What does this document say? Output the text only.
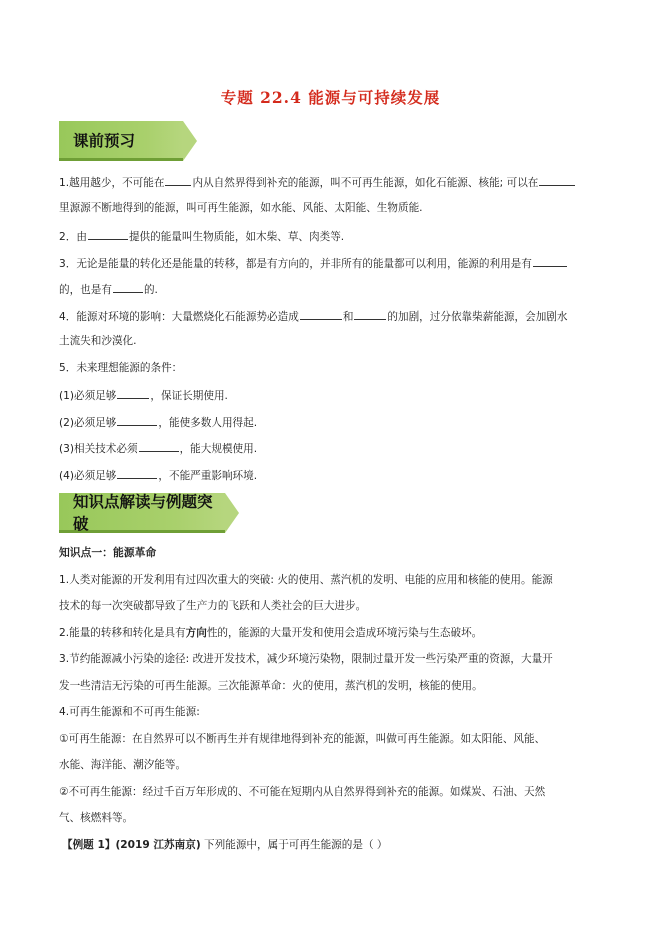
专题 22.4 能源与可持续发展
课前预习
1.越用越少，不可能在	内从自然界得到补充的能源，叫不可再生能源，如化石能源、核能; 可以在
里源源不断地得到的能源，叫可再生能源，如水能、风能、太阳能、生物质能.
2．由	提供的能量叫生物质能，如木柴、草、肉类等.
3．无论是能量的转化还是能量的转移，都是有方向的，并非所有的能量都可以利用，能源的利用是有
的，也是有	的.
4．能源对环境的影响：大量燃烧化石能源势必造成	和	的加剧，过分依靠柴薪能源，会加剧水
土流失和沙漠化.
5．未来理想能源的条件：
(1)必须足够	，保证长期使用.
(2)必须足够	，能使多数人用得起.
(3)相关技术必须	，能大规模使用.
(4)必须足够	，不能严重影响环境.
知识点解读与例题突破
知识点一：能源革命
1.人类对能源的开发利用有过四次重大的突破: 火的使用、蒸汽机的发明、电能的应用和核能的使用。能源
技术的每一次突破都导致了生产力的飞跃和人类社会的巨大进步。
2.能量的转移和转化是具有方向性的，能源的大量开发和使用会造成环境污染与生态破坏。
3.节约能源减小污染的途径: 改进开发技术，减少环境污染物，限制过量开发一些污染严重的资源，大量开
发一些清洁无污染的可再生能源。三次能源革命：火的使用，蒸汽机的发明，核能的使用。
4.可再生能源和不可再生能源:
①可再生能源：在自然界可以不断再生并有规律地得到补充的能源，叫做可再生能源。如太阳能、风能、
水能、海洋能、潮汐能等。
②不可再生能源：经过千百万年形成的、不可能在短期内从自然界得到补充的能源。如煤炭、石油、天然
气、核燃料等。
【例题 1】(2019 江苏南京) 下列能源中，属于可再生能源的是（ ）
